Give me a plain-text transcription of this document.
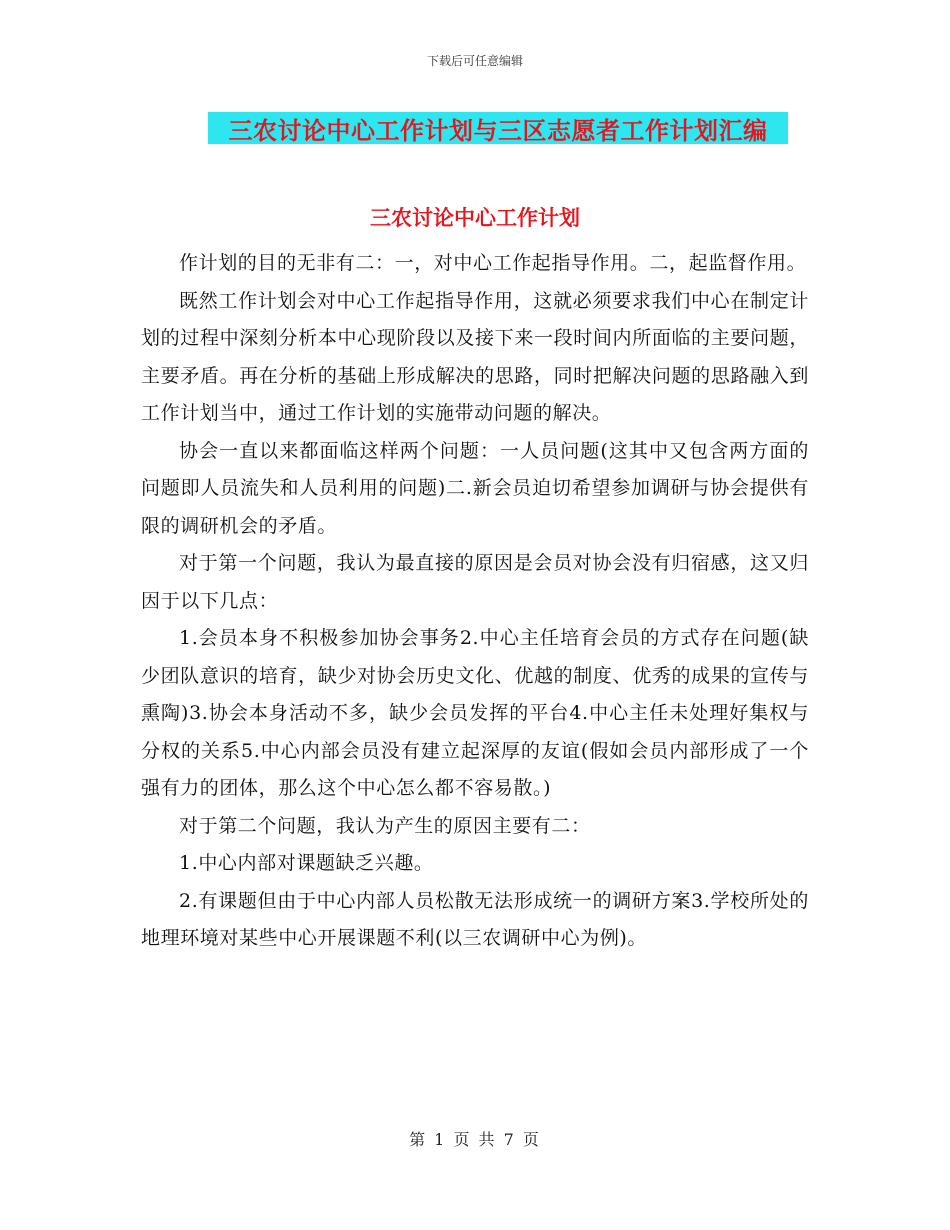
下载后可任意编辑
三农讨论中心工作计划与三区志愿者工作计划汇编
三农讨论中心工作计划

作计划的目的无非有二：一，对中心工作起指导作用。二，起监督作用。

既然工作计划会对中心工作起指导作用，这就必须要求我们中心在制定计划的过程中深刻分析本中心现阶段以及接下来一段时间内所面临的主要问题，主要矛盾。再在分析的基础上形成解决的思路，同时把解决问题的思路融入到工作计划当中，通过工作计划的实施带动问题的解决。

协会一直以来都面临这样两个问题：一人员问题(这其中又包含两方面的问题即人员流失和人员利用的问题)二.新会员迫切希望参加调研与协会提供有限的调研机会的矛盾。

对于第一个问题，我认为最直接的原因是会员对协会没有归宿感，这又归因于以下几点：

1.会员本身不积极参加协会事务2.中心主任培育会员的方式存在问题(缺少团队意识的培育，缺少对协会历史文化、优越的制度、优秀的成果的宣传与熏陶)3.协会本身活动不多，缺少会员发挥的平台4.中心主任未处理好集权与分权的关系5.中心内部会员没有建立起深厚的友谊(假如会员内部形成了一个强有力的团体，那么这个中心怎么都不容易散。)

对于第二个问题，我认为产生的原因主要有二：

1.中心内部对课题缺乏兴趣。

2.有课题但由于中心内部人员松散无法形成统一的调研方案3.学校所处的地理环境对某些中心开展课题不利(以三农调研中心为例)。

第 1 页 共 7 页
